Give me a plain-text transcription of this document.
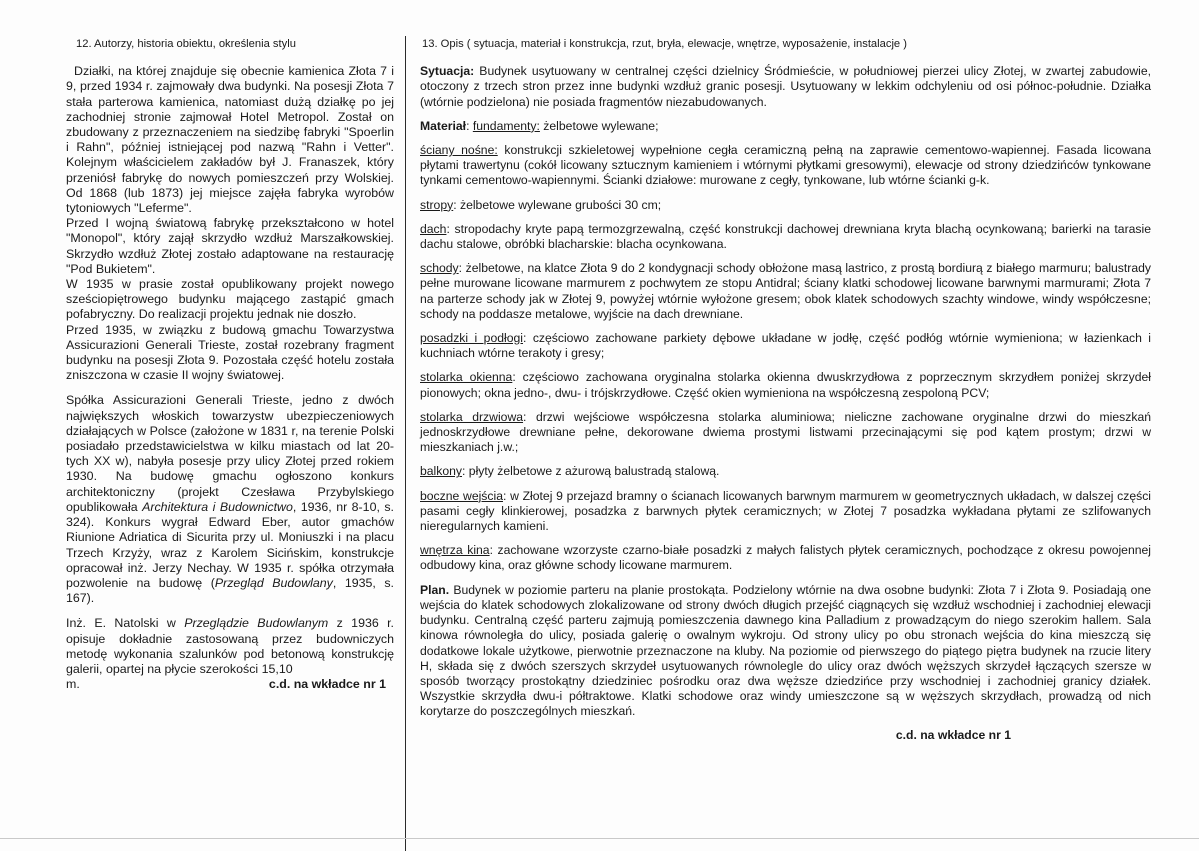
12. Autorzy, historia obiektu, określenia stylu

Działki, na której znajduje się obecnie kamienica Złota 7 i 9, przed 1934 r. zajmowały dwa budynki. Na posesji Złota 7 stała parterowa kamienica, natomiast dużą działkę po jej zachodniej stronie zajmował Hotel Metropol. Został on zbudowany z przeznaczeniem na siedzibę fabryki "Spoerlin i Rahn", później istniejącej pod nazwą "Rahn i Vetter". Kolejnym właścicielem zakładów był J. Franaszek, który przeniósł fabrykę do nowych pomieszczeń przy Wolskiej. Od 1868 (lub 1873) jej miejsce zajęła fabryka wyrobów tytoniowych "Leferme".

Przed I wojną światową fabrykę przekształcono w hotel "Monopol", który zajął skrzydło wzdłuż Marszałkowskiej. Skrzydło wzdłuż Złotej zostało adaptowane na restaurację "Pod Bukietem".

W 1935 w prasie został opublikowany projekt nowego sześciopiętrowego budynku mającego zastąpić gmach pofabryczny. Do realizacji projektu jednak nie doszło.

Przed 1935, w związku z budową gmachu Towarzystwa Assicurazioni Generali Trieste, został rozebrany fragment budynku na posesji Złota 9. Pozostała część hotelu została zniszczona w czasie II wojny światowej.

Spółka Assicurazioni Generali Trieste, jedno z dwóch największych włoskich towarzystw ubezpieczeniowych działających w Polsce (założone w 1831 r, na terenie Polski posiadało przedstawicielstwa w kilku miastach od lat 20-tych XX w), nabyła posesje przy ulicy Złotej przed rokiem 1930. Na budowę gmachu ogłoszono konkurs architektoniczny (projekt Czesława Przybylskiego opublikowała Architektura i Budownictwo, 1936, nr 8-10, s. 324). Konkurs wygrał Edward Eber, autor gmachów Riunione Adriatica di Sicurita przy ul. Moniuszki i na placu Trzech Krzyży, wraz z Karolem Sicińskim, konstrukcje opracował inż. Jerzy Nechay. W 1935 r. spółka otrzymała pozwolenie na budowę (Przegląd Budowlany, 1935, s. 167).

Inż. E. Natolski w Przeglądzie Budowlanym z 1936 r. opisuje dokładnie zastosowaną przez budowniczych metodę wykonania szalunków pod betonową konstrukcję galerii, opartej na płycie szerokości 15,10

m.	c.d. na wkładce nr 1
13. Opis ( sytuacja, materiał i konstrukcja, rzut, bryła, elewacje, wnętrze, wyposażenie, instalacje )

Sytuacja: Budynek usytuowany w centralnej części dzielnicy Śródmieście, w południowej pierzei ulicy Złotej, w zwartej zabudowie, otoczony z trzech stron przez inne budynki wzdłuż granic posesji. Usytuowany w lekkim odchyleniu od osi północ-południe. Działka (wtórnie podzielona) nie posiada fragmentów niezabudowanych.

Materiał: fundamenty: żelbetowe wylewane;

ściany nośne: konstrukcji szkieletowej wypełnione cegła ceramiczną pełną na zaprawie cementowo-wapiennej. Fasada licowana płytami trawertynu (cokół licowany sztucznym kamieniem i wtórnymi płytkami gresowymi), elewacje od strony dziedzińców tynkowane tynkami cementowo-wapiennymi. Ścianki działowe: murowane z cegły, tynkowane, lub wtórne ścianki g-k.

stropy: żelbetowe wylewane grubości 30 cm;

dach: stropodachy kryte papą termozgrzewalną, część konstrukcji dachowej drewniana kryta blachą ocynkowaną; barierki na tarasie dachu stalowe, obróbki blacharskie: blacha ocynkowana.

schody: żelbetowe, na klatce Złota 9 do 2 kondygnacji schody obłożone masą lastrico, z prostą bordiurą z białego marmuru; balustrady pełne murowane licowane marmurem z pochwytem ze stopu Antidral; ściany klatki schodowej licowane barwnymi marmurami; Złota 7 na parterze schody jak w Złotej 9, powyżej wtórnie wyłożone gresem; obok klatek schodowych szachty windowe, windy współczesne; schody na poddasze metalowe, wyjście na dach drewniane.

posadzki i podłogi: częściowo zachowane parkiety dębowe układane w jodłę, część podłóg wtórnie wymieniona; w łazienkach i kuchniach wtórne terakoty i gresy;

stolarka okienna: częściowo zachowana oryginalna stolarka okienna dwuskrzydłowa z poprzecznym skrzydłem poniżej skrzydeł pionowych; okna jedno-, dwu- i trójskrzydłowe. Część okien wymieniona na współczesną zespoloną PCV;

stolarka drzwiowa: drzwi wejściowe współczesna stolarka aluminiowa; nieliczne zachowane oryginalne drzwi do mieszkań jednoskrzydłowe drewniane pełne, dekorowane dwiema prostymi listwami przecinającymi się pod kątem prostym; drzwi w mieszkaniach j.w.;

balkony: płyty żelbetowe z ażurową balustradą stalową.

boczne wejścia: w Złotej 9 przejazd bramny o ścianach licowanych barwnym marmurem w geometrycznych układach, w dalszej części pasami cegły klinkierowej, posadzka z barwnych płytek ceramicznych; w Złotej 7 posadzka wykładana płytami ze szlifowanych nieregularnych kamieni.

wnętrza kina: zachowane wzorzyste czarno-białe posadzki z małych falistych płytek ceramicznych, pochodzące z okresu powojennej odbudowy kina, oraz główne schody licowane marmurem.

Plan. Budynek w poziomie parteru na planie prostokąta. Podzielony wtórnie na dwa osobne budynki: Złota 7 i Złota 9. Posiadają one wejścia do klatek schodowych zlokalizowane od strony dwóch długich przejść ciągnących się wzdłuż wschodniej i zachodniej elewacji budynku. Centralną część parteru zajmują pomieszczenia dawnego kina Palladium z prowadzącym do niego szerokim hallem. Sala kinowa równoległa do ulicy, posiada galerię o owalnym wykroju. Od strony ulicy po obu stronach wejścia do kina mieszczą się dodatkowe lokale użytkowe, pierwotnie przeznaczone na kluby. Na poziomie od pierwszego do piątego piętra budynek na rzucie litery H, składa się z dwóch szerszych skrzydeł usytuowanych równolegle do ulicy oraz dwóch węższych skrzydeł łączących szersze w sposób tworzący prostokątny dziedziniec pośrodku oraz dwa węższe dziedzińce przy wschodniej i zachodniej granicy działek. Wszystkie skrzydła dwu-i półtraktowe. Klatki schodowe oraz windy umieszczone są w węższych skrzydłach, prowadzą od nich korytarze do poszczególnych mieszkań.

c.d. na wkładce nr 1
